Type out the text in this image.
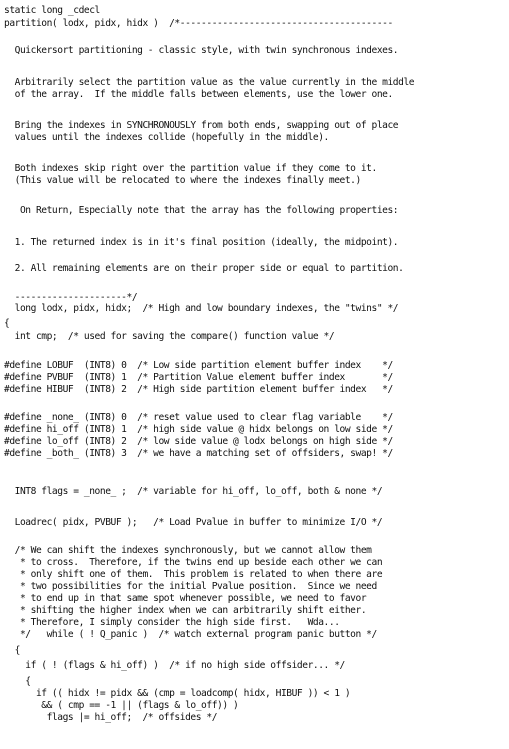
static long _cdecl
partition( lodx, pidx, hidx )  /*----------------------------------------
Quickersort partitioning - classic style, with twin synchronous indexes.
Arbitrarily select the partition value as the value currently in the middle
of the array.  If the middle falls between elements, use the lower one.
Bring the indexes in SYNCHRONOUSLY from both ends, swapping out of place
values until the indexes collide (hopefully in the middle).
Both indexes skip right over the partition value if they come to it.
(This value will be relocated to where the indexes finally meet.)
On Return, Especially note that the array has the following properties:
1. The returned index is in it's final position (ideally, the midpoint).
2. All remaining elements are on their proper side or equal to partition.
---------------------*/
long lodx, pidx, hidx;  /* High and low boundary indexes, the "twins" */
{
int cmp;  /* used for saving the compare() function value */
#define LOBUF  (INT8) 0  /* Low side partition element buffer index    */
#define PVBUF  (INT8) 1  /* Partition Value element buffer index       */
#define HIBUF  (INT8) 2  /* High side partition element buffer index   */
#define _none_ (INT8) 0  /* reset value used to clear flag variable    */
#define hi_off (INT8) 1  /* high side value @ hidx belongs on low side */
#define lo_off (INT8) 2  /* low side value @ lodx belongs on high side */
#define _both_ (INT8) 3  /* we have a matching set of offsiders, swap! */
INT8 flags = _none_ ;  /* variable for hi_off, lo_off, both & none */
Loadrec( pidx, PVBUF );   /* Load Pvalue in buffer to minimize I/O */
/* We can shift the indexes synchronously, but we cannot allow them
* to cross.  Therefore, if the twins end up beside each other we can
* only shift one of them.  This problem is related to when there are
* two possibilities for the initial Pvalue position.  Since we need
* to end up in that same spot whenever possible, we need to favor
* shifting the higher index when we can arbitrarily shift either.
* Therefore, I simply consider the high side first.   Wda...
*/   while ( ! Q_panic )  /* watch external program panic button */
{
if ( ! (flags & hi_off) )  /* if no high side offsider... */
{
if (( hidx != pidx && (cmp = loadcomp( hidx, HIBUF )) < 1 )
&& ( cmp == -1 || (flags & lo_off)) )
flags |= hi_off;  /* offsides */
